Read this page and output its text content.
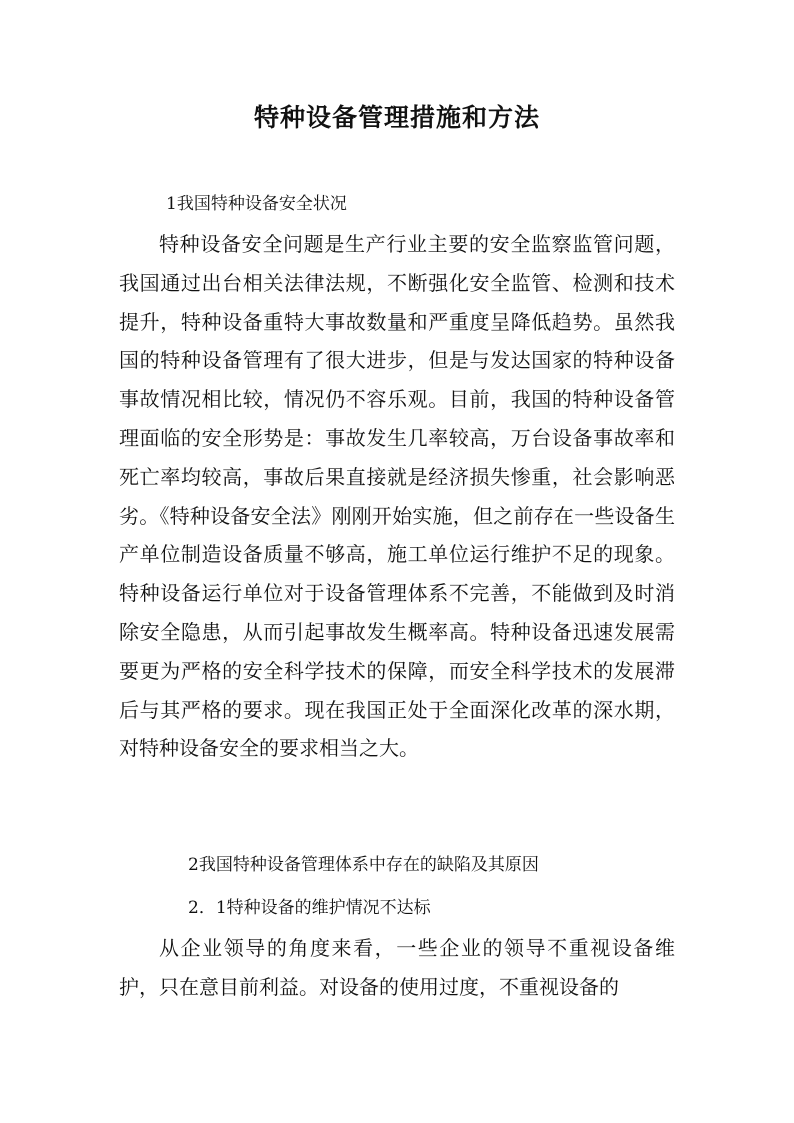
特种设备管理措施和方法
1我国特种设备安全状况

特种设备安全问题是生产行业主要的安全监察监管问题，我国通过出台相关法律法规，不断强化安全监管、检测和技术提升，特种设备重特大事故数量和严重度呈降低趋势。虽然我国的特种设备管理有了很大进步，但是与发达国家的特种设备事故情况相比较，情况仍不容乐观。目前，我国的特种设备管理面临的安全形势是：事故发生几率较高，万台设备事故率和死亡率均较高，事故后果直接就是经济损失惨重，社会影响恶劣。《特种设备安全法》刚刚开始实施，但之前存在一些设备生产单位制造设备质量不够高，施工单位运行维护不足的现象。特种设备运行单位对于设备管理体系不完善，不能做到及时消除安全隐患，从而引起事故发生概率高。特种设备迅速发展需要更为严格的安全科学技术的保障，而安全科学技术的发展滞后与其严格的要求。现在我国正处于全面深化改革的深水期，对特种设备安全的要求相当之大。

2我国特种设备管理体系中存在的缺陷及其原因
2．1特种设备的维护情况不达标

从企业领导的角度来看，一些企业的领导不重视设备维护，只在意目前利益。对设备的使用过度，不重视设备的
